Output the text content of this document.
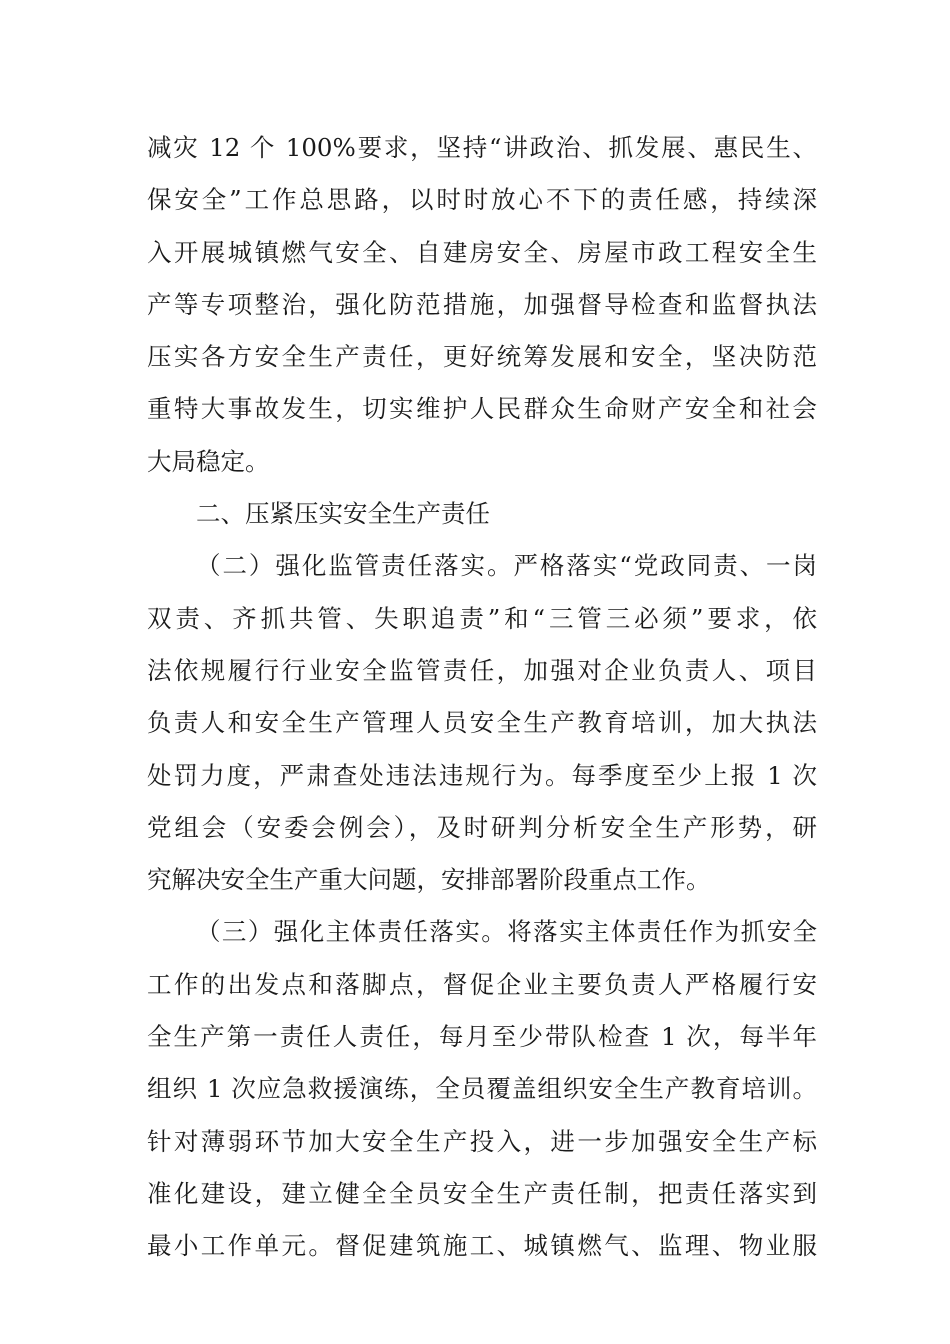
减灾 12 个 100%要求，坚持“讲政治、抓发展、惠民生、
保安全”工作总思路，以时时放心不下的责任感，持续深
入开展城镇燃气安全、自建房安全、房屋市政工程安全生
产等专项整治，强化防范措施，加强督导检查和监督执法
压实各方安全生产责任，更好统筹发展和安全，坚决防范
重特大事故发生，切实维护人民群众生命财产安全和社会
大局稳定。
二、压紧压实安全生产责任
（二）强化监管责任落实。严格落实“党政同责、一岗
双责、齐抓共管、失职追责”和“三管三必须”要求，依
法依规履行行业安全监管责任，加强对企业负责人、项目
负责人和安全生产管理人员安全生产教育培训，加大执法
处罚力度，严肃查处违法违规行为。每季度至少上报 1 次
党组会（安委会例会），及时研判分析安全生产形势，研
究解决安全生产重大问题，安排部署阶段重点工作。
（三）强化主体责任落实。将落实主体责任作为抓安全
工作的出发点和落脚点，督促企业主要负责人严格履行安
全生产第一责任人责任，每月至少带队检查 1 次，每半年
组织 1 次应急救援演练，全员覆盖组织安全生产教育培训。
针对薄弱环节加大安全生产投入，进一步加强安全生产标
准化建设，建立健全全员安全生产责任制，把责任落实到
最小工作单元。督促建筑施工、城镇燃气、监理、物业服
